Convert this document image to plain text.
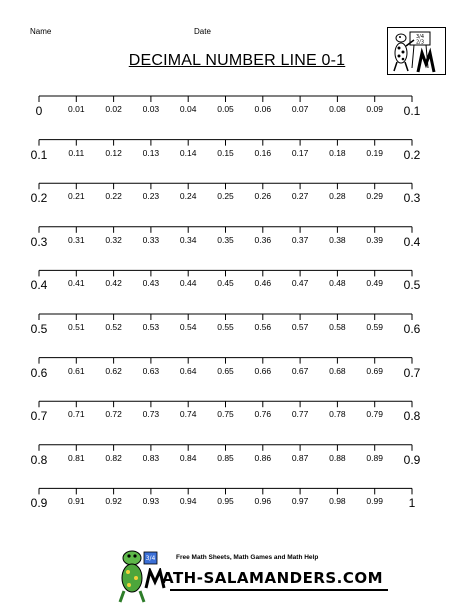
Name	Date
DECIMAL NUMBER LINE 0-1
3/4
2/3
0	0.01 0.02 0.03 0.04 0.05 0.06 0.07 0.08 0.09 0.1
0.1 0.11 0.12 0.13 0.14 0.15 0.16 0.17 0.18 0.19 0.2
0.2 0.21 0.22 0.23 0.24 0.25 0.26 0.27 0.28 0.29 0.3
0.3 0.31 0.32 0.33 0.34 0.35 0.36 0.37 0.38 0.39 0.4
0.4 0.41 0.42 0.43 0.44 0.45 0.46 0.47 0.48 0.49 0.5
0.5 0.51 0.52 0.53 0.54 0.55 0.56 0.57 0.58 0.59 0.6
0.6 0.61 0.62 0.63 0.64 0.65 0.66 0.67 0.68 0.69 0.7
0.7 0.71 0.72 0.73 0.74 0.75 0.76 0.77 0.78 0.79 0.8
0.8 0.81 0.82 0.83 0.84 0.85 0.86 0.87 0.88 0.89 0.9
0.9 0.91 0.92 0.93 0.94 0.95 0.96 0.97 0.98 0.99 1
3/4	Free Math Sheets, Math Games and Math Help
ATH-SALAMANDERS.COM
